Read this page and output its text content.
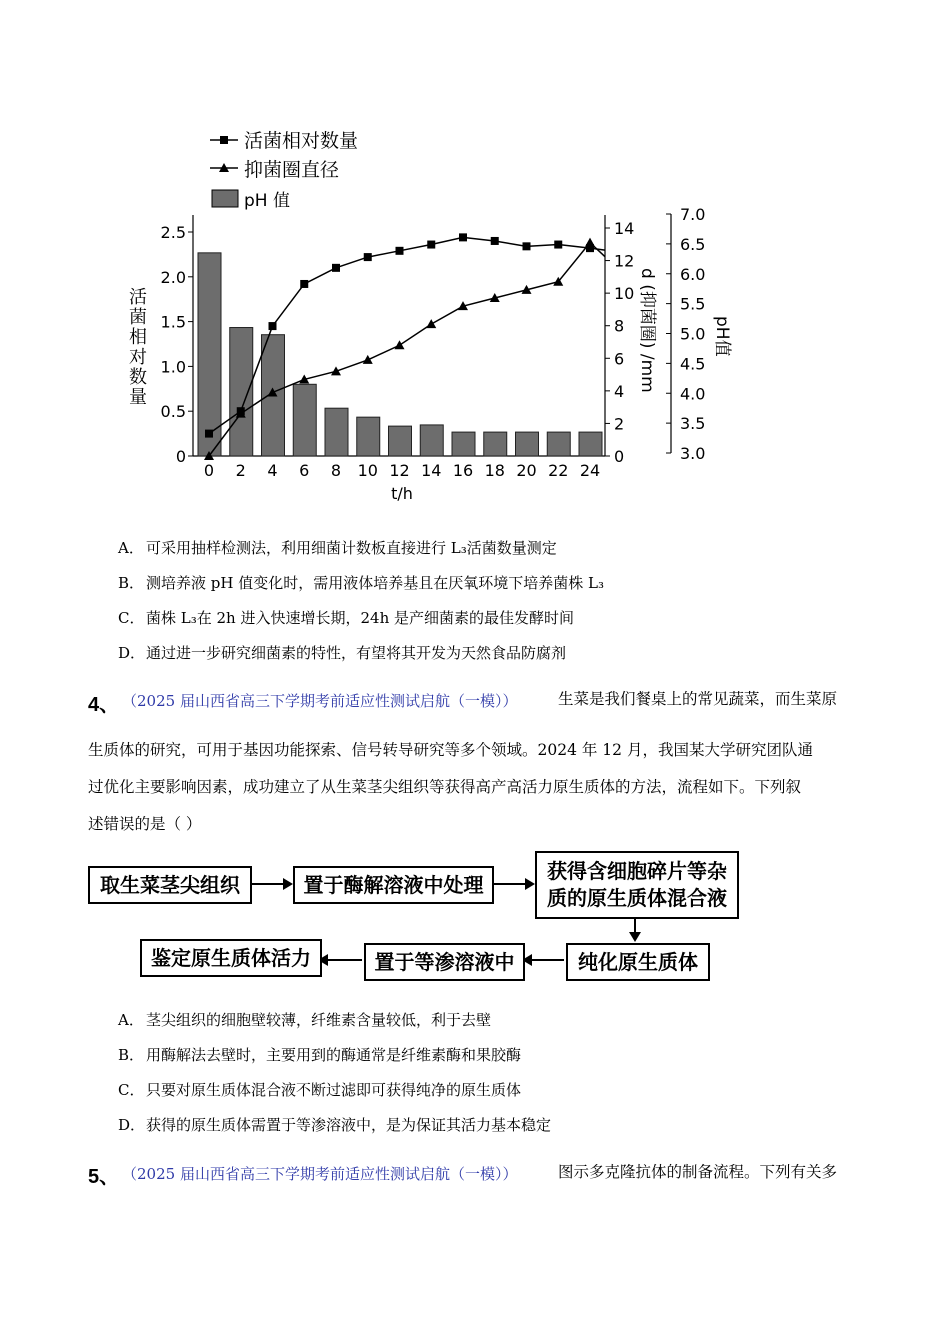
活菌相对数量
抑菌圈直径
pH 值
0
0.5
1.0
1.5
2.0
2.5
活
菌
相
对
数
量
0 2 4 6 8 10 12 14 16 18 20 22 24
t/h
0
2
4
6
8
10
12
14
d (抑菌圈) /mm
3.0
3.5
4.0
4.5
5.0
5.5
6.0
6.5
7.0
pH值
A． 可采用抽样检测法，利用细菌计数板直接进行 L₃活菌数量测定
B． 测培养液 pH 值变化时，需用液体培养基且在厌氧环境下培养菌株 L₃
C． 菌株 L₃在 2h 进入快速增长期，24h 是产细菌素的最佳发酵时间
D．通过进一步研究细菌素的特性，有望将其开发为天然食品防腐剂
4、 （2025 届山西省高三下学期考前适应性测试启航（一模））	生菜是我们餐桌上的常见蔬菜，而生菜原
生质体的研究，可用于基因功能探索、信号转导研究等多个领域。2024 年 12 月，我国某大学研究团队通
过优化主要影响因素，成功建立了从生菜茎尖组织等获得高产高活力原生质体的方法，流程如下。下列叙
述错误的是（ ）
取生菜茎尖组织	置于酶解溶液中处理
获得含细胞碎片等杂
质的原生质体混合液
纯化原生质体
置于等渗溶液中
鉴定原生质体活力
A． 茎尖组织的细胞壁较薄，纤维素含量较低，利于去壁
B． 用酶解法去壁时，主要用到的酶通常是纤维素酶和果胶酶
C． 只要对原生质体混合液不断过滤即可获得纯净的原生质体
D．获得的原生质体需置于等渗溶液中，是为保证其活力基本稳定
5、 （2025 届山西省高三下学期考前适应性测试启航（一模））	图示多克隆抗体的制备流程。下列有关多
